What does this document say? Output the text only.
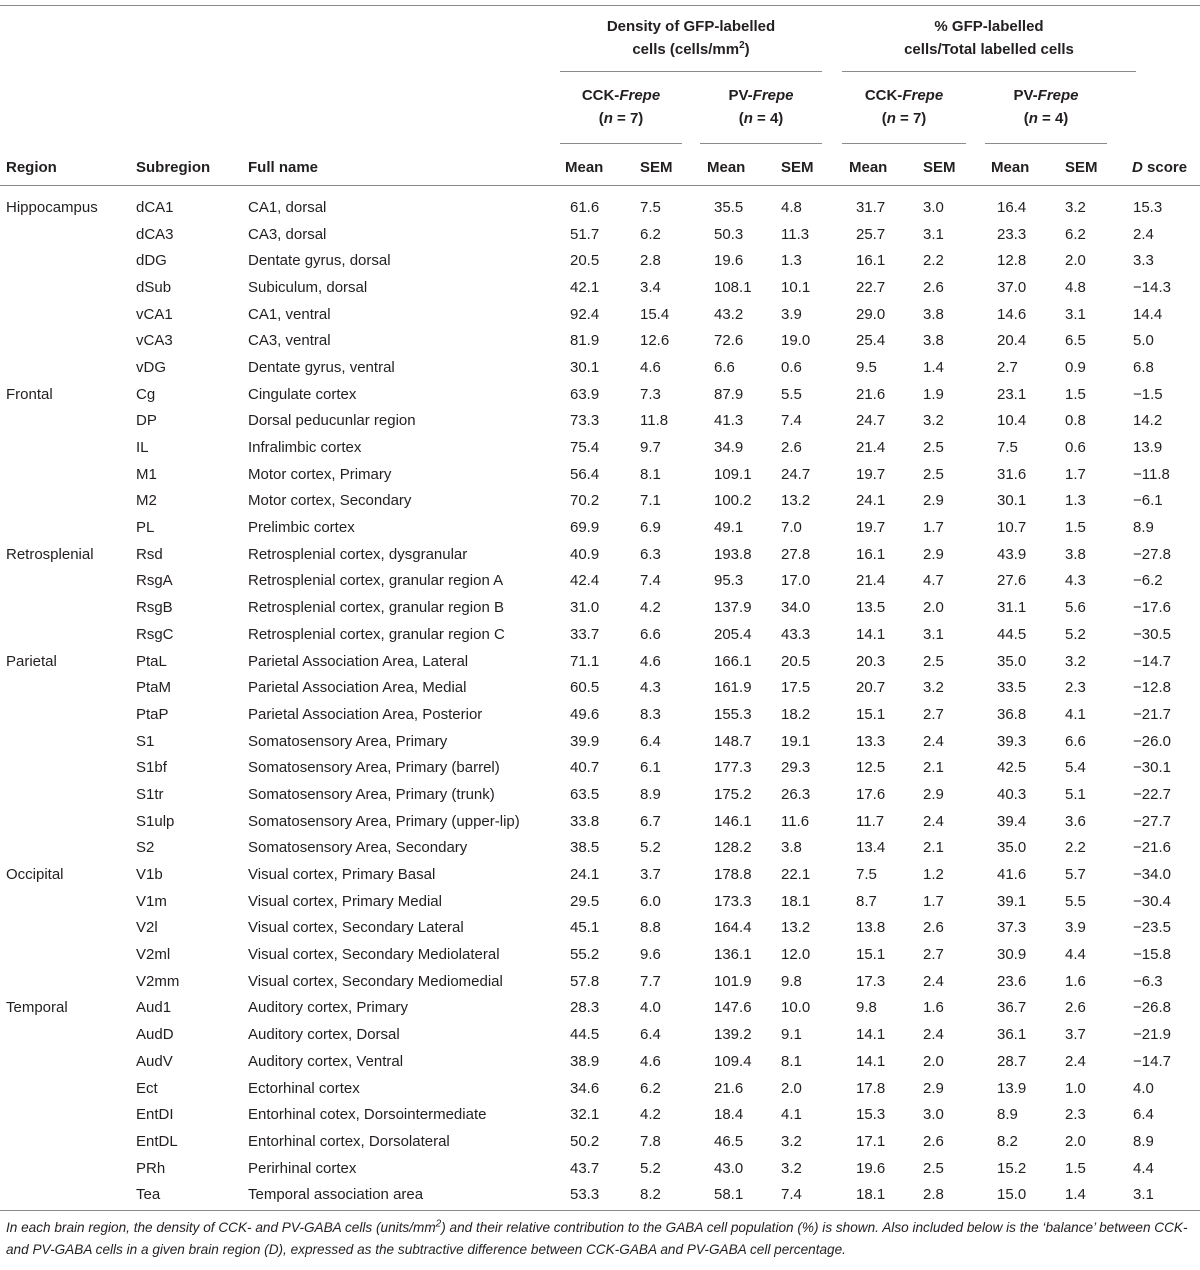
Density of GFP-labelled
cells $(cells/mm^2)$
% GFP-labelled
cells/Total labelled cells
CCK-Frepe
(n = 7)
PV-Frepe
(n = 4)
CCK-Frepe
(n = 7)
PV-Frepe
(n = 4)
Region	Subregion	Full name	Mean SEM Mean SEM Mean SEM Mean SEM D score
Hippocampus	dCA1	CA1, dorsal	61.6	7.5	35.5	4.8	31.7	3.0	16.4	3.2	15.3
	dCA3	CA3, dorsal	51.7	6.2	50.3	11.3	25.7	3.1	23.3	6.2	2.4
	dDG	Dentate gyrus, dorsal	20.5	2.8	19.6	1.3	16.1	2.2	12.8	2.0	3.3
	dSub	Subiculum, dorsal	42.1	3.4	108.1	10.1	22.7	2.6	37.0	4.8	−14.3
	vCA1	CA1, ventral	92.4	15.4	43.2	3.9	29.0	3.8	14.6	3.1	14.4
	vCA3	CA3, ventral	81.9	12.6	72.6	19.0	25.4	3.8	20.4	6.5	5.0
	vDG	Dentate gyrus, ventral	30.1	4.6	6.6	0.6	9.5	1.4	2.7	0.9	6.8
Frontal	Cg	Cingulate cortex	63.9	7.3	87.9	5.5	21.6	1.9	23.1	1.5	−1.5
	DP	Dorsal peducunlar region	73.3	11.8	41.3	7.4	24.7	3.2	10.4	0.8	14.2
	IL	Infralimbic cortex	75.4	9.7	34.9	2.6	21.4	2.5	7.5	0.6	13.9
	M1	Motor cortex, Primary	56.4	8.1	109.1	24.7	19.7	2.5	31.6	1.7	−11.8
	M2	Motor cortex, Secondary	70.2	7.1	100.2	13.2	24.1	2.9	30.1	1.3	−6.1
	PL	Prelimbic cortex	69.9	6.9	49.1	7.0	19.7	1.7	10.7	1.5	8.9
Retrosplenial	Rsd	Retrosplenial cortex, dysgranular	40.9	6.3	193.8	27.8	16.1	2.9	43.9	3.8	−27.8
	RsgA	Retrosplenial cortex, granular region A	42.4	7.4	95.3	17.0	21.4	4.7	27.6	4.3	−6.2
	RsgB	Retrosplenial cortex, granular region B	31.0	4.2	137.9	34.0	13.5	2.0	31.1	5.6	−17.6
	RsgC	Retrosplenial cortex, granular region C	33.7	6.6	205.4	43.3	14.1	3.1	44.5	5.2	−30.5
Parietal	PtaL	Parietal Association Area, Lateral	71.1	4.6	166.1	20.5	20.3	2.5	35.0	3.2	−14.7
	PtaM	Parietal Association Area, Medial	60.5	4.3	161.9	17.5	20.7	3.2	33.5	2.3	−12.8
	PtaP	Parietal Association Area, Posterior	49.6	8.3	155.3	18.2	15.1	2.7	36.8	4.1	−21.7
	S1	Somatosensory Area, Primary	39.9	6.4	148.7	19.1	13.3	2.4	39.3	6.6	−26.0
	S1bf	Somatosensory Area, Primary (barrel)	40.7	6.1	177.3	29.3	12.5	2.1	42.5	5.4	−30.1
	S1tr	Somatosensory Area, Primary (trunk)	63.5	8.9	175.2	26.3	17.6	2.9	40.3	5.1	−22.7
	S1ulp	Somatosensory Area, Primary (upper-lip)	33.8	6.7	146.1	11.6	11.7	2.4	39.4	3.6	−27.7
	S2	Somatosensory Area, Secondary	38.5	5.2	128.2	3.8	13.4	2.1	35.0	2.2	−21.6
Occipital	V1b	Visual cortex, Primary Basal	24.1	3.7	178.8	22.1	7.5	1.2	41.6	5.7	−34.0
	V1m	Visual cortex, Primary Medial	29.5	6.0	173.3	18.1	8.7	1.7	39.1	5.5	−30.4
	V2l	Visual cortex, Secondary Lateral	45.1	8.8	164.4	13.2	13.8	2.6	37.3	3.9	−23.5
	V2ml	Visual cortex, Secondary Mediolateral	55.2	9.6	136.1	12.0	15.1	2.7	30.9	4.4	−15.8
	V2mm	Visual cortex, Secondary Mediomedial	57.8	7.7	101.9	9.8	17.3	2.4	23.6	1.6	−6.3
Temporal	Aud1	Auditory cortex, Primary	28.3	4.0	147.6	10.0	9.8	1.6	36.7	2.6	−26.8
	AudD	Auditory cortex, Dorsal	44.5	6.4	139.2	9.1	14.1	2.4	36.1	3.7	−21.9
	AudV	Auditory cortex, Ventral	38.9	4.6	109.4	8.1	14.1	2.0	28.7	2.4	−14.7
	Ect	Ectorhinal cortex	34.6	6.2	21.6	2.0	17.8	2.9	13.9	1.0	4.0
	EntDI	Entorhinal cotex, Dorsointermediate	32.1	4.2	18.4	4.1	15.3	3.0	8.9	2.3	6.4
	EntDL	Entorhinal cortex, Dorsolateral	50.2	7.8	46.5	3.2	17.1	2.6	8.2	2.0	8.9
	PRh	Perirhinal cortex	43.7	5.2	43.0	3.2	19.6	2.5	15.2	1.5	4.4
	Tea	Temporal association area	53.3	8.2	58.1	7.4	18.1	2.8	15.0	1.4	3.1
In each brain region, the density of CCK- and PV-GABA cells $(units/mm^2)$ and their relative contribution to the GABA cell population (%) is shown. Also included below is the ‘balance’ between CCK- and PV-GABA cells in a given brain region (D), expressed as the subtractive difference between CCK-GABA and PV-GABA cell percentage.
